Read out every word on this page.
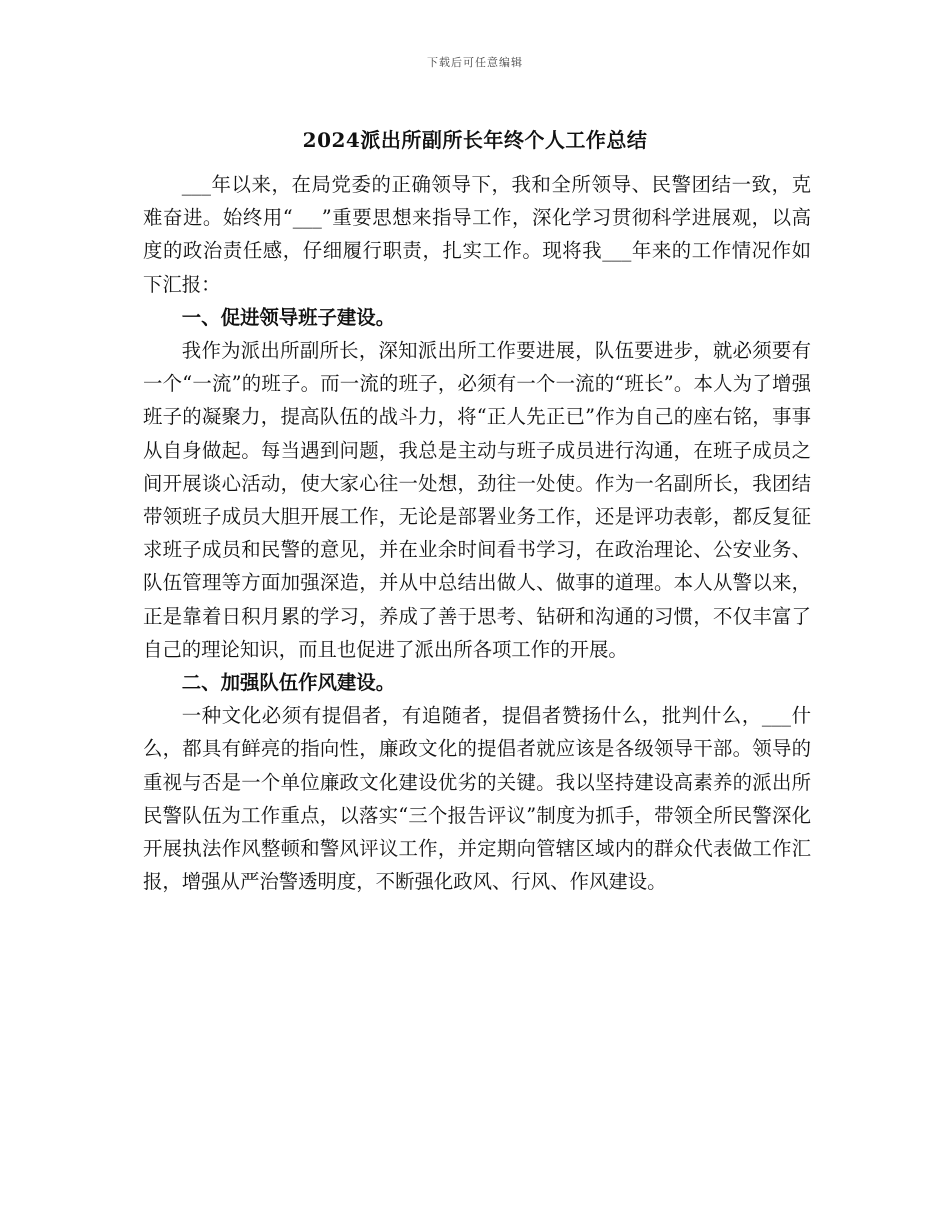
下载后可任意编辑
2024派出所副所长年终个人工作总结

___年以来，在局党委的正确领导下，我和全所领导、民警团结一致，克难奋进。始终用“___”重要思想来指导工作，深化学习贯彻科学进展观，以高度的政治责任感，仔细履行职责，扎实工作。现将我___年来的工作情况作如下汇报：

一、促进领导班子建设。

我作为派出所副所长，深知派出所工作要进展，队伍要进步，就必须要有一个“一流”的班子。而一流的班子，必须有一个一流的“班长”。本人为了增强班子的凝聚力，提高队伍的战斗力，将“正人先正已”作为自己的座右铭，事事从自身做起。每当遇到问题，我总是主动与班子成员进行沟通，在班子成员之间开展谈心活动，使大家心往一处想，劲往一处使。作为一名副所长，我团结带领班子成员大胆开展工作，无论是部署业务工作，还是评功表彰，都反复征求班子成员和民警的意见，并在业余时间看书学习，在政治理论、公安业务、队伍管理等方面加强深造，并从中总结出做人、做事的道理。本人从警以来，正是靠着日积月累的学习，养成了善于思考、钻研和沟通的习惯，不仅丰富了自己的理论知识，而且也促进了派出所各项工作的开展。

二、加强队伍作风建设。

一种文化必须有提倡者，有追随者，提倡者赞扬什么，批判什么，___什么，都具有鲜亮的指向性，廉政文化的提倡者就应该是各级领导干部。领导的重视与否是一个单位廉政文化建设优劣的关键。我以坚持建设高素养的派出所民警队伍为工作重点，以落实“三个报告评议”制度为抓手，带领全所民警深化开展执法作风整顿和警风评议工作，并定期向管辖区域内的群众代表做工作汇报，增强从严治警透明度，不断强化政风、行风、作风建设。
